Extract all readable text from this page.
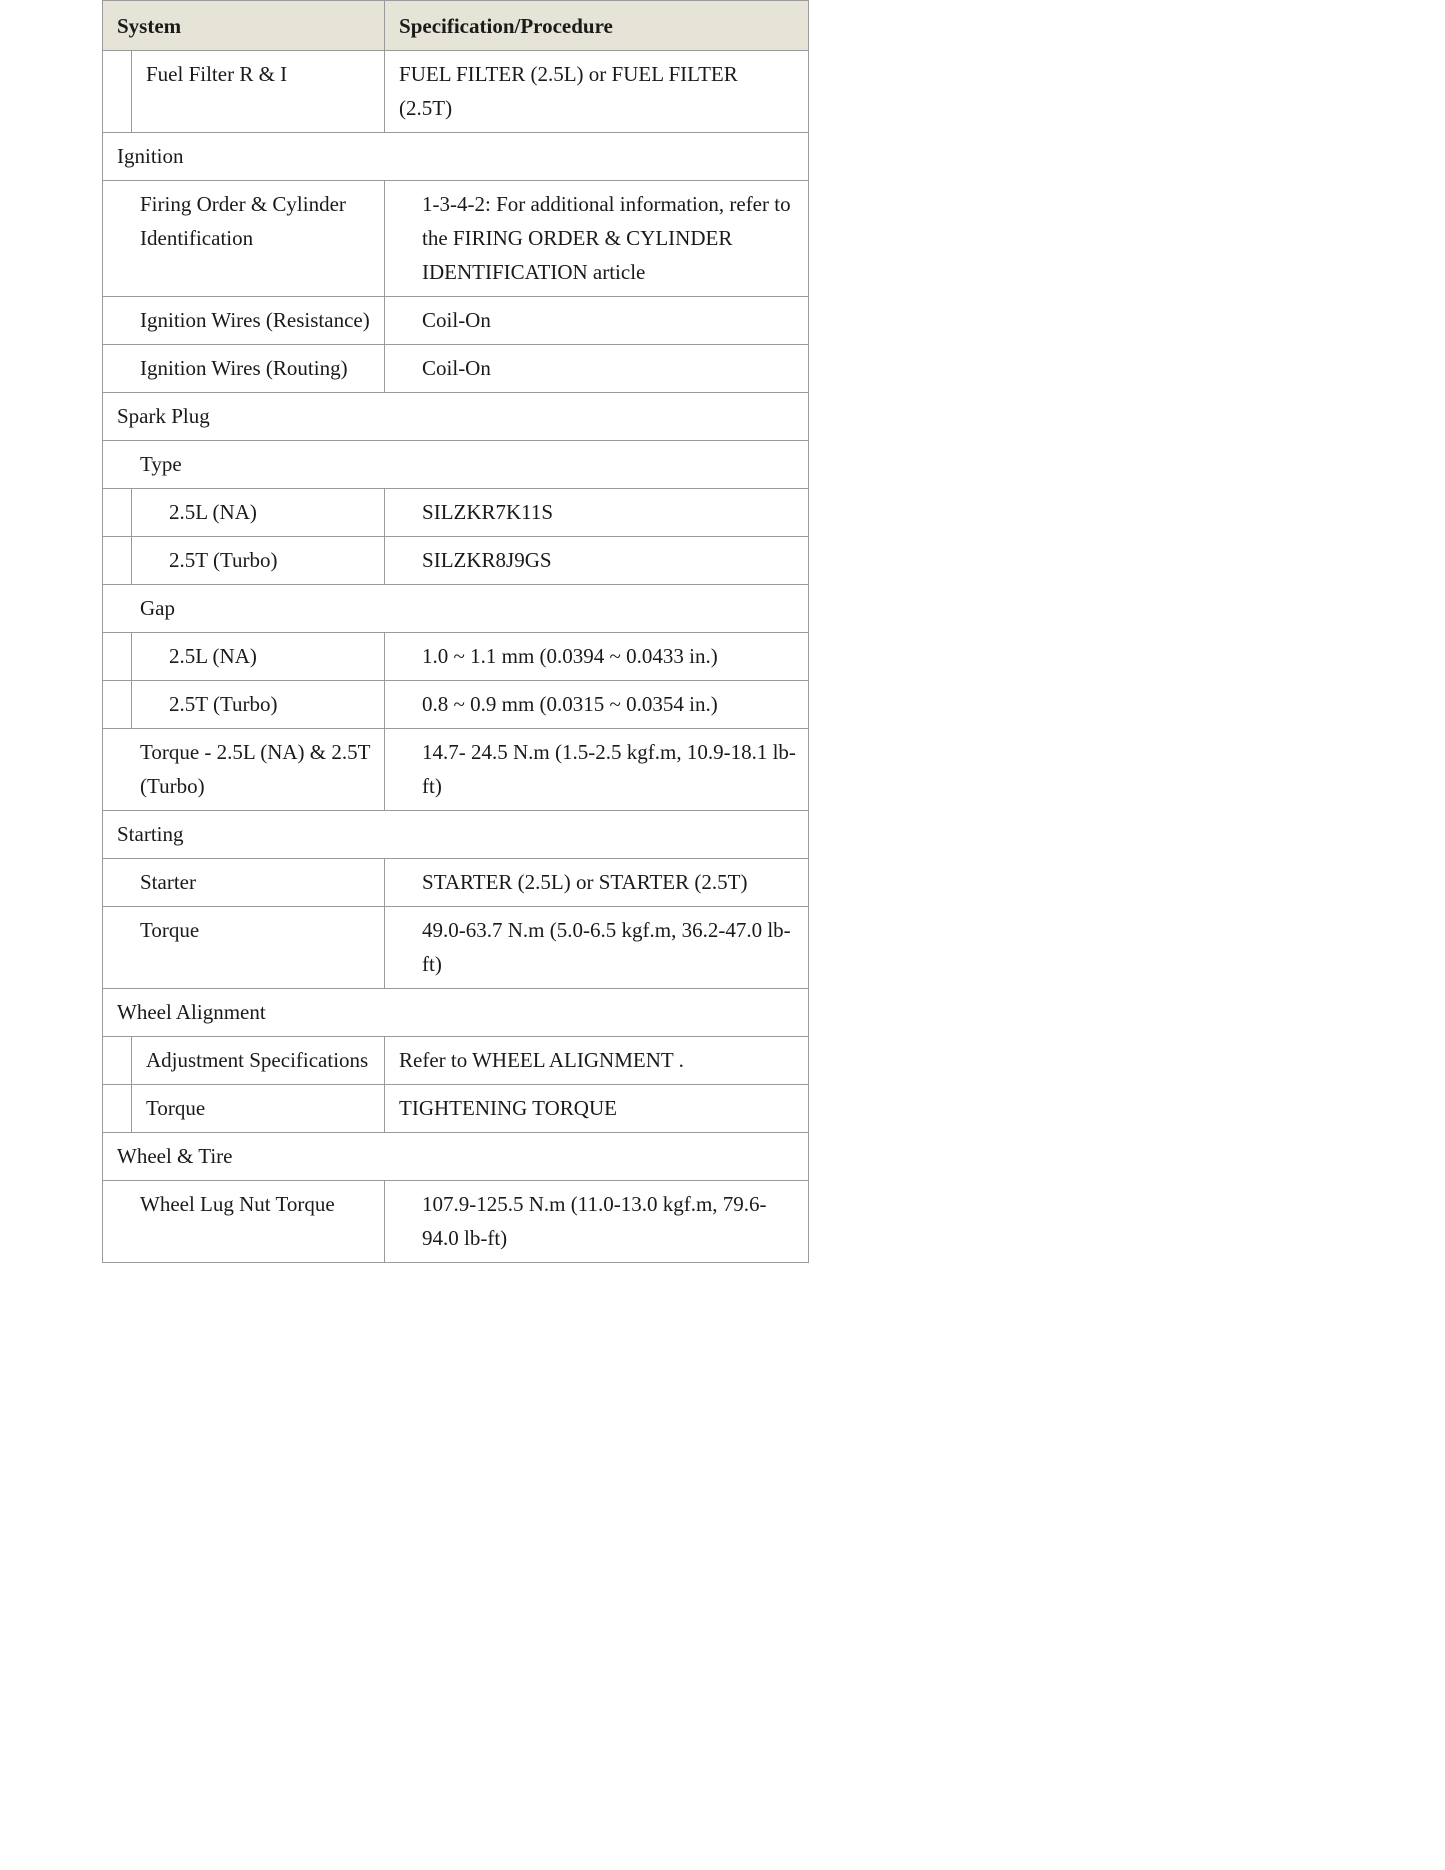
System		Specification/Procedure

	Fuel Filter R & I	FUEL FILTER (2.5L) or FUEL FILTER (2.5T)

Ignition		

Firing Order & Cylinder Identification		1-3-4-2: For additional information, refer to the FIRING ORDER & CYLINDER IDENTIFICATION article

Ignition Wires (Resistance)		Coil-On

Ignition Wires (Routing)		Coil-On

Spark Plug		

Type		

	2.5L (NA)	SILZKR7K11S

	2.5T (Turbo)	SILZKR8J9GS

Gap		

	2.5L (NA)	1.0 ~ 1.1 mm (0.0394 ~ 0.0433 in.)

	2.5T (Turbo)	0.8 ~ 0.9 mm (0.0315 ~ 0.0354 in.)

Torque - 2.5L (NA) & 2.5T (Turbo)		14.7- 24.5 N.m (1.5-2.5 kgf.m, 10.9-18.1 lb-ft)

Starting		

Starter		STARTER (2.5L) or STARTER (2.5T)

Torque		49.0-63.7 N.m (5.0-6.5 kgf.m, 36.2-47.0 lb-ft)

Wheel Alignment		

	Adjustment Specifications	Refer to WHEEL ALIGNMENT .

	Torque	TIGHTENING TORQUE

Wheel & Tire		

Wheel Lug Nut Torque		107.9-125.5 N.m (11.0-13.0 kgf.m, 79.6-94.0 lb-ft)
